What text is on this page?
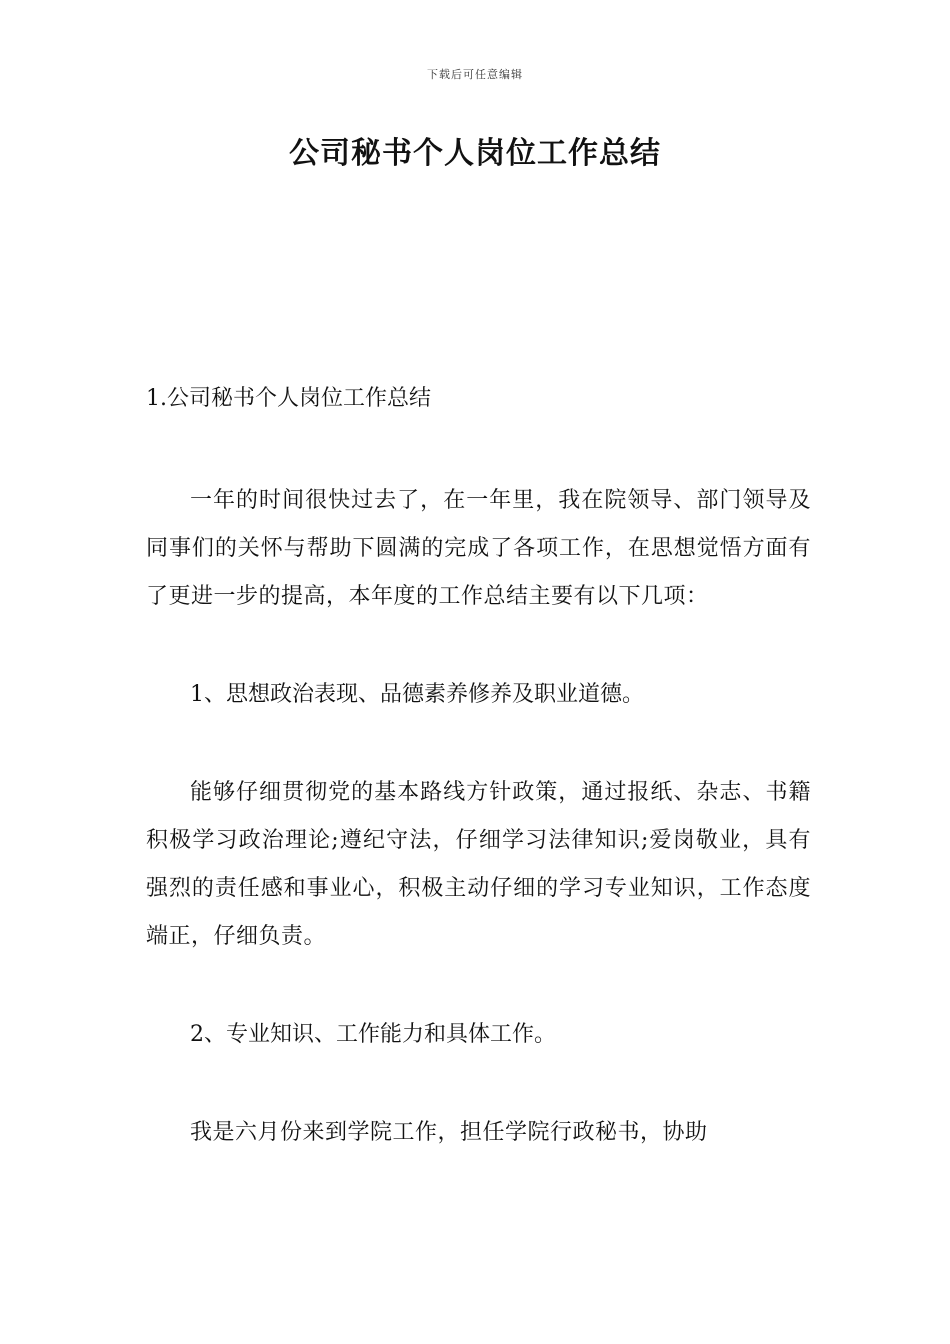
下载后可任意编辑
公司秘书个人岗位工作总结
1.公司秘书个人岗位工作总结

一年的时间很快过去了，在一年里，我在院领导、部门领导及同事们的关怀与帮助下圆满的完成了各项工作，在思想觉悟方面有了更进一步的提高，本年度的工作总结主要有以下几项：

1、思想政治表现、品德素养修养及职业道德。

能够仔细贯彻党的基本路线方针政策，通过报纸、杂志、书籍积极学习政治理论;遵纪守法，仔细学习法律知识;爱岗敬业，具有强烈的责任感和事业心，积极主动仔细的学习专业知识，工作态度端正，仔细负责。

2、专业知识、工作能力和具体工作。

我是六月份来到学院工作，担任学院行政秘书，协助
